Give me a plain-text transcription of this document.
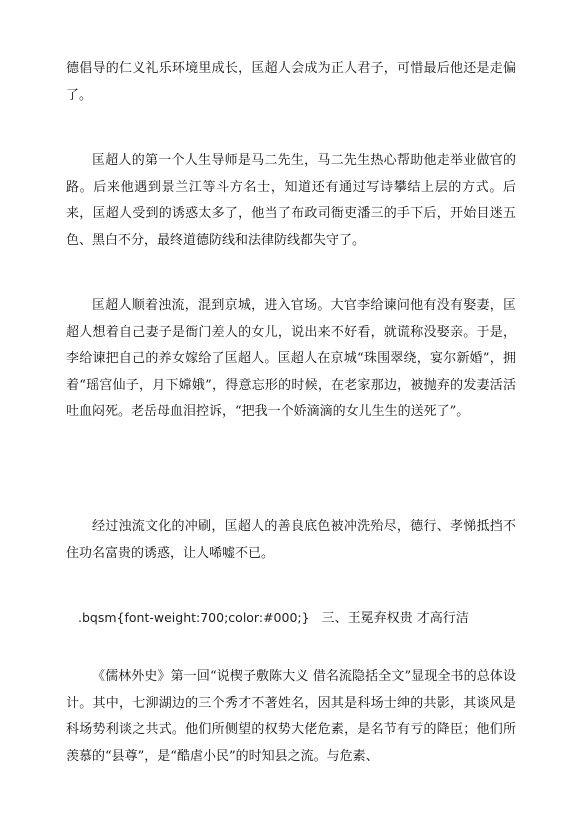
德倡导的仁义礼乐环境里成长，匡超人会成为正人君子，可惜最后他还是走偏了。

匡超人的第一个人生导师是马二先生，马二先生热心帮助他走举业做官的路。后来他遇到景兰江等斗方名士，知道还有通过写诗攀结上层的方式。后来，匡超人受到的诱惑太多了，他当了布政司衙吏潘三的手下后，开始目迷五色、黑白不分，最终道德防线和法律防线都失守了。

匡超人顺着浊流，混到京城，进入官场。大官李给谏问他有没有娶妻，匡超人想着自己妻子是衙门差人的女儿，说出来不好看，就谎称没娶亲。于是，李给谏把自己的养女嫁给了匡超人。匡超人在京城“珠围翠绕，宴尔新婚”，拥着“瑶宫仙子，月下嫦娥”，得意忘形的时候，在老家那边，被抛弃的发妻活活吐血闷死。老岳母血泪控诉，“把我一个娇滴滴的女儿生生的送死了”。

经过浊流文化的冲刷，匡超人的善良底色被冲洗殆尽，德行、孝悌抵挡不住功名富贵的诱惑，让人唏嘘不已。

.bqsm{font-weight:700;color:#000;} 三、王冕弃权贵 才高行洁

《儒林外史》第一回“说楔子敷陈大义 借名流隐括全文”显现全书的总体设计。其中，七泖湖边的三个秀才不著姓名，因其是科场士绅的共影，其谈风是科场势利谈之共式。他们所侧望的权势大佬危素，是名节有亏的降臣；他们所羡慕的“县尊”，是“酷虐小民”的时知县之流。与危素、
